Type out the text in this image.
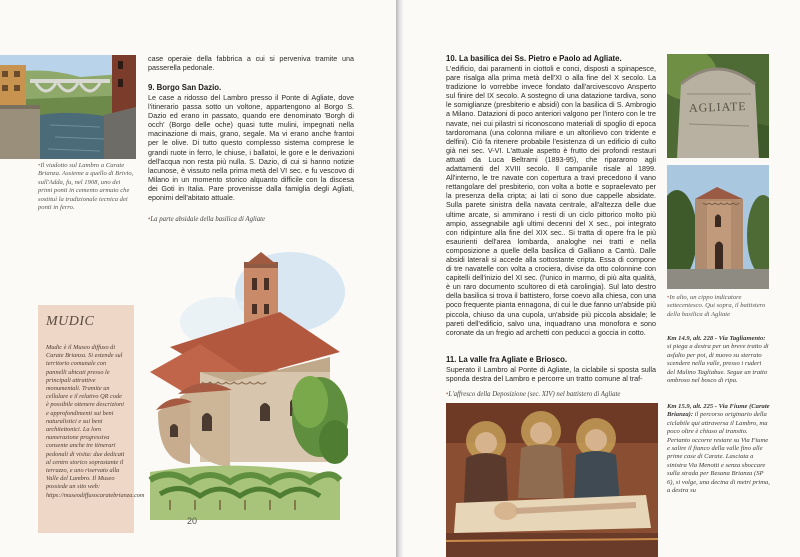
•Il viadotto sul Lambro a Carate Brianza. Assieme a quello di Brivio, sull'Adda, fu, nel 1908, uno dei primi ponti in cemento armato che sostituì la tradizionale tecnica dei ponti in ferro.
case operaie della fabbrica a cui si perveniva tramite una passerella pedonale.
9. Borgo San Dazio.
Le case a ridosso del Lambro presso il Ponte di Agliate, dove l'itinerario passa sotto un voltone, appartengono al Borgo S. Dazio ed erano in passato, quando ere denominato 'Borgh di occh' (Borgo delle oche) quasi tutte mulini, impegnati nella macinazione di mais, grano, segale. Ma vi erano anche frantoi per le olive. Di tutto questo complesso sistema comprese le grandi ruote in ferro, le chiuse, i ballatoi, le gore e le derivazioni dell'acqua non resta più nulla. S. Dazio, di cui si hanno notizie lacunose, è vissuto nella prima metà del VI sec. e fu vescovo di Milano in un momento storico alquanto difficile con la discesa dei Goti in Italia. Pare provenisse dalla famiglia degli Agliati, eponimi dell'abitato attuale.
•La parte absidale della basilica di Agliate
MUDIC
Mudic è il Museo diffuso di Carate Brianza. Si estende sul territorio comunale con pannelli ubicati presso le principali attrattive monumentali. Tramite un cellulare e il relativo QR code è possibile ottenere descrizioni e approfondimenti sui beni naturalistici e sui beni architettonici. La loro numerazione progressiva consente anche tre itinerari pedonali di visita: due dedicati al centro storico soprastante il terrazzo, e uno riservato alla Valle del Lambro. Il Museo possiede un sito web: https://museodiffusocaratebrianza.com
20
10. La basilica dei Ss. Pietro e Paolo ad Agliate.
L'edificio, dai paramenti in ciottoli e conci, disposti a spinapesce, pare risalga alla prima metà dell'XI o alla fine del X secolo. La tradizione lo vorrebbe invece fondato dall'arcivescovo Ansperto sul finire del IX secolo. A sostegno di una datazione tardiva, sono le somiglianze (presbiterio e absidi) con la basilica di S. Ambrogio a Milano. Datazioni di poco anteriori valgono per l'intero con le tre navate, nei cui pilastri si riconoscono materiali di spoglio di epoca tardoromana (una colonna miliare e un altorilievo con tridente e delfini). Ciò fa ritenere probabile l'esistenza di un edificio di culto già nei sec. V-VI. L'attuale aspetto è frutto dei profondi restauri attuati da Luca Beltrami (1893-95), che ripararono agli adattamenti del XVIII secolo. Il campanile risale al 1899. All'interno, le tre navate con copertura a travi precedono il vano rettangolare del presbiterio, con volta a botte e sopraelevato per la presenza della cripta; ai lati ci sono due cappelle absidate. Sulla parete sinistra della navata centrale, all'altezza delle due ultime arcate, si ammirano i resti di un ciclo pittorico molto più ampio, assegnabile agli ultimi decenni del X sec., poi integrato con ridipinture alla fine del XIX sec.. Si tratta di opere fra le più esaurienti dell'area lombarda, analoghe nei tratti e nella composizione a quelle della basilica di Galliano a Cantù. Dalle absidi laterali si accede alla sottostante cripta. Essa di compone di tre navatelle con volta a crociera, divise da otto colonnine con capitelli dell'inizio del XI sec. (l'unico in marmo, di più alta qualità, è un raro documento scultoreo di età carolingia). Sul lato destro della basilica si trova il battistero, forse coevo alla chiesa, con una poco frequente pianta ennagona, di cui le due fanno un'abside più piccola, chiuso da una cupola, un'abside più piccola absidale; le pareti dell'edificio, salvo una, inquadrano una monofora e sono coronate da un fregio ad archetti con peducci a goccia in cotto.
11. La valle fra Agliate e Briosco.
Superato il Lambro al Ponte di Agliate, la ciclabile si sposta sulla sponda destra del Lambro e percorre un tratto comune al traf-
•L'affresco della Deposizione (sec. XIV) nel battistero di Agliate
AGLIATE
•In alto, un cippo indicatore settecentesco. Qui sopra, il battistero della basilica di Agliate
Km 14.9, alt. 228 - Via Tagliamento: si piega a destra per un breve tratto di asfalto per poi, di nuovo su sterrato scendere nella valle, presso i ruderi del Mulino Tagliabue. Segue un tratto ombroso nel bosco di ripa.
Km 15.9, alt. 225 - Via Fiume (Carate Brianza): il percorso originario della ciclabile qui attraversa il Lambro, ma poco oltre è chiuso al transito. Pertanto occorre restare su Via Fiume e salire il fianco della valle fino alle prime case di Carate. Lasciata a sinistra Via Menotti e senza sboccare sulla strada per Besana Brianza (SP 6), si volge, una decina di metri prima, a destra su
